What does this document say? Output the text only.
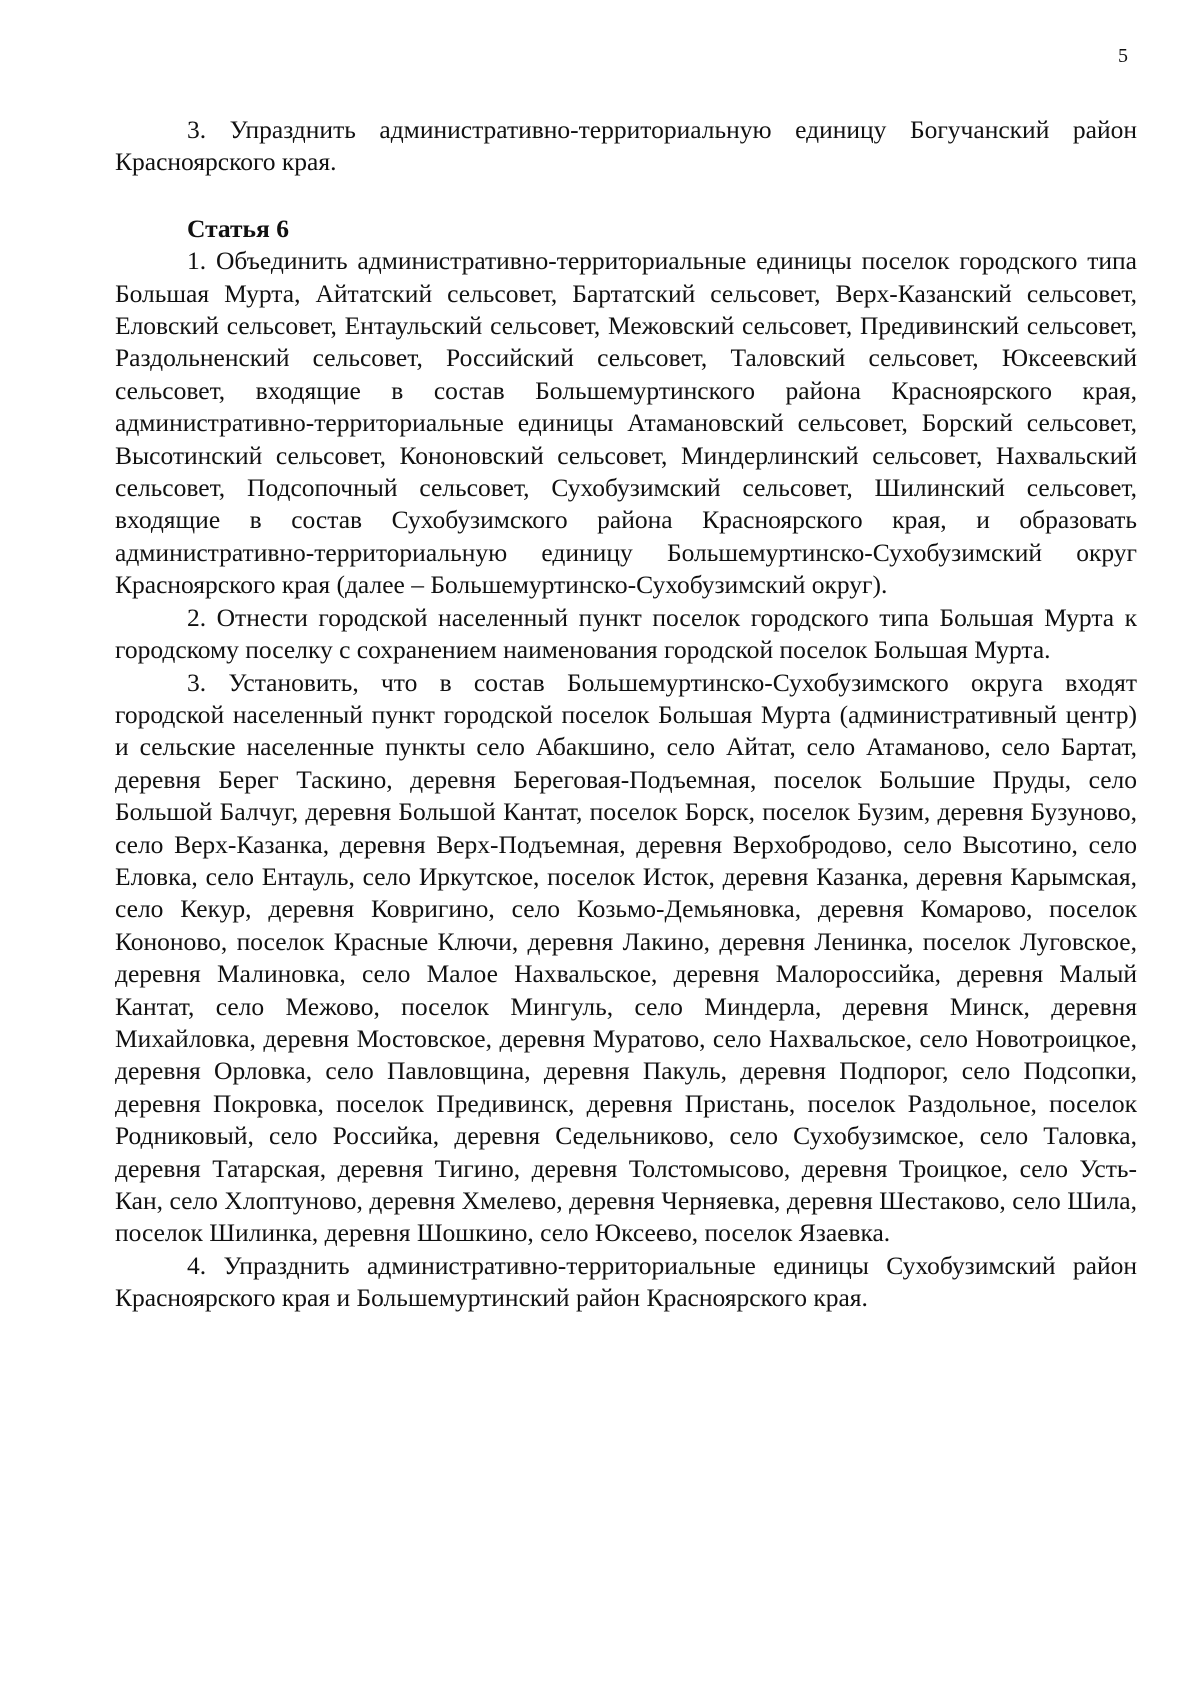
5

3. Упразднить административно-территориальную единицу Богучанский район Красноярского края.

Статья 6

1. Объединить административно-территориальные единицы поселок городского типа Большая Мурта, Айтатский сельсовет, Бартатский сельсовет, Верх-Казанский сельсовет, Еловский сельсовет, Ентаульский сельсовет, Межовский сельсовет, Предивинский сельсовет, Раздольненский сельсовет, Российский сельсовет, Таловский сельсовет, Юксеевский сельсовет, входящие в состав Большемуртинского района Красноярского края, административно-территориальные единицы Атамановский сельсовет, Борский сельсовет, Высотинский сельсовет, Кононовский сельсовет, Миндерлинский сельсовет, Нахвальский сельсовет, Подсопочный сельсовет, Сухобузимский сельсовет, Шилинский сельсовет, входящие в состав Сухобузимского района Красноярского края, и образовать административно-территориальную единицу Большемуртинско-Сухобузимский округ Красноярского края (далее – Большемуртинско-Сухобузимский округ).

2. Отнести городской населенный пункт поселок городского типа Большая Мурта к городскому поселку с сохранением наименования городской поселок Большая Мурта.

3. Установить, что в состав Большемуртинско-Сухобузимского округа входят городской населенный пункт городской поселок Большая Мурта (административный центр) и сельские населенные пункты село Абакшино, село Айтат, село Атаманово, село Бартат, деревня Берег Таскино, деревня Береговая-Подъемная, поселок Большие Пруды, село Большой Балчуг, деревня Большой Кантат, поселок Борск, поселок Бузим, деревня Бузуново, село Верх-Казанка, деревня Верх-Подъемная, деревня Верхобродово, село Высотино, село Еловка, село Ентауль, село Иркутское, поселок Исток, деревня Казанка, деревня Карымская, село Кекур, деревня Ковригино, село Козьмо-Демьяновка, деревня Комарово, поселок Кононово, поселок Красные Ключи, деревня Лакино, деревня Ленинка, поселок Луговское, деревня Малиновка, село Малое Нахвальское, деревня Малороссийка, деревня Малый Кантат, село Межово, поселок Мингуль, село Миндерла, деревня Минск, деревня Михайловка, деревня Мостовское, деревня Муратово, село Нахвальское, село Новотроицкое, деревня Орловка, село Павловщина, деревня Пакуль, деревня Подпорог, село Подсопки, деревня Покровка, поселок Предивинск, деревня Пристань, поселок Раздольное, поселок Родниковый, село Российка, деревня Седельниково, село Сухобузимское, село Таловка, деревня Татарская, деревня Тигино, деревня Толстомысово, деревня Троицкое, село Усть-Кан, село Хлоптуново, деревня Хмелево, деревня Черняевка, деревня Шестаково, село Шила, поселок Шилинка, деревня Шошкино, село Юксеево, поселок Язаевка.

4. Упразднить административно-территориальные единицы Сухобузимский район Красноярского края и Большемуртинский район Красноярского края.
